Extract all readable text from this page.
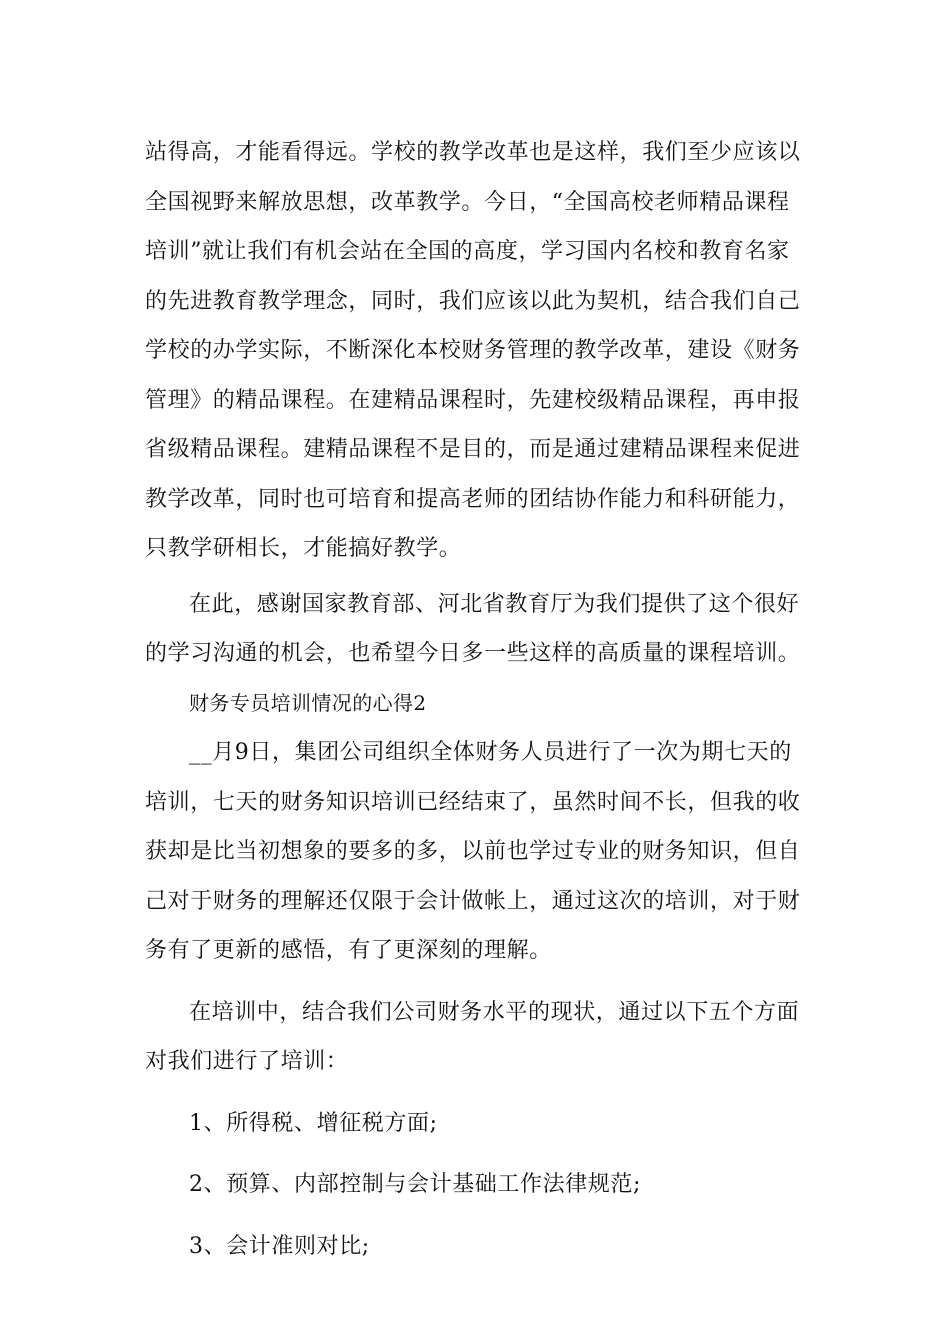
站得高，才能看得远。学校的教学改革也是这样，我们至少应该以
全国视野来解放思想，改革教学。今日，“全国高校老师精品课程
培训”就让我们有机会站在全国的高度，学习国内名校和教育名家
的先进教育教学理念，同时，我们应该以此为契机，结合我们自己
学校的办学实际，不断深化本校财务管理的教学改革，建设《财务
管理》的精品课程。在建精品课程时，先建校级精品课程，再申报
省级精品课程。建精品课程不是目的，而是通过建精品课程来促进
教学改革，同时也可培育和提高老师的团结协作能力和科研能力，
只教学研相长，才能搞好教学。
在此，感谢国家教育部、河北省教育厅为我们提供了这个很好
的学习沟通的机会，也希望今日多一些这样的高质量的课程培训。
财务专员培训情况的心得2
__月9日，集团公司组织全体财务人员进行了一次为期七天的
培训，七天的财务知识培训已经结束了，虽然时间不长，但我的收
获却是比当初想象的要多的多，以前也学过专业的财务知识，但自
己对于财务的理解还仅限于会计做帐上，通过这次的培训，对于财
务有了更新的感悟，有了更深刻的理解。
在培训中，结合我们公司财务水平的现状，通过以下五个方面
对我们进行了培训：
1、所得税、增征税方面;
2、预算、内部控制与会计基础工作法律规范;
3、会计准则对比;
